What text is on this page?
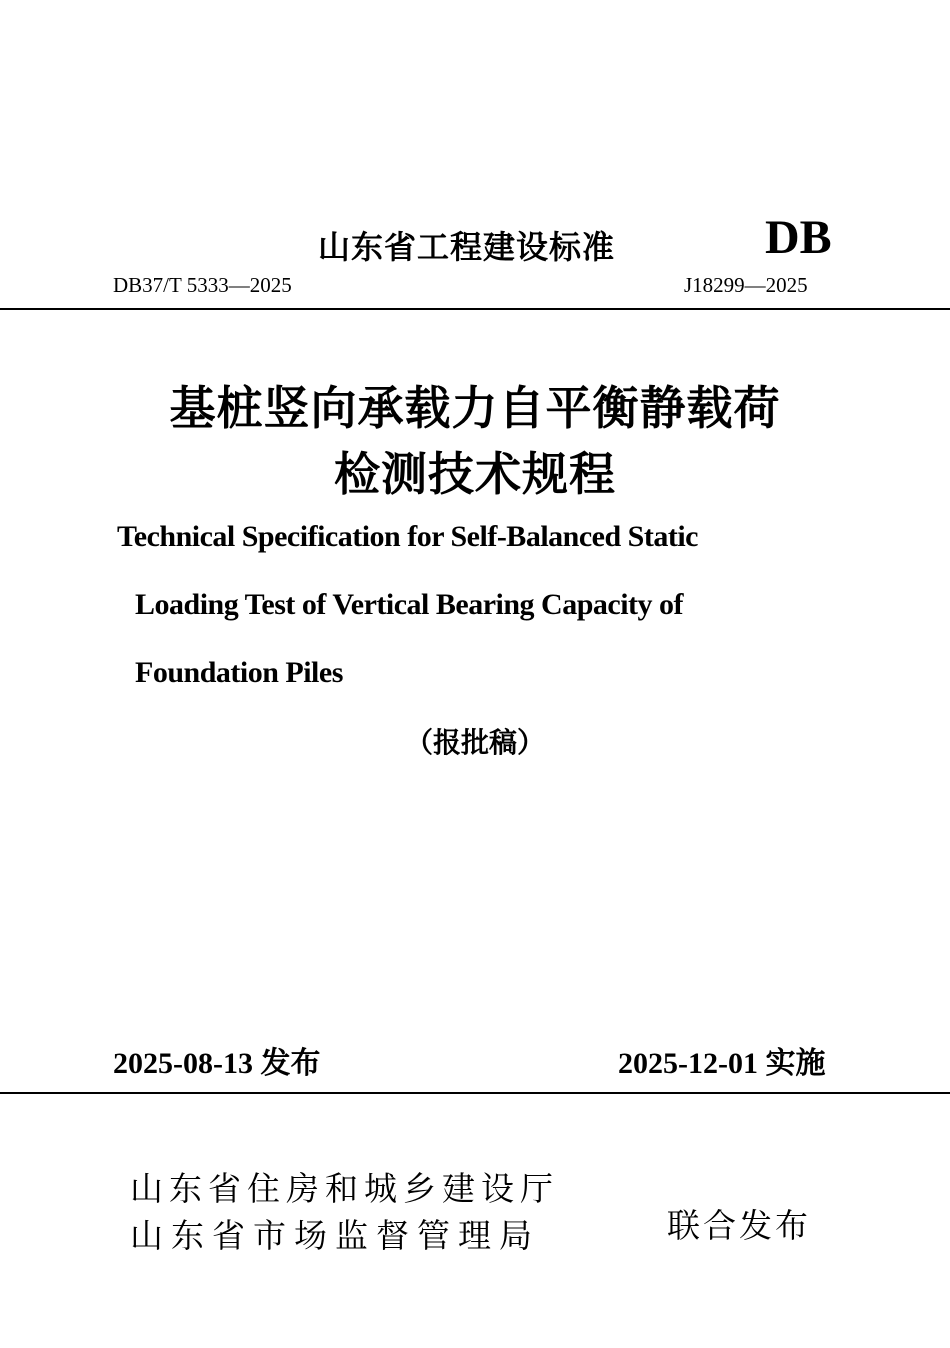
山东省工程建设标准	DB
DB37/T 5333—2025	J18299—2025
基桩竖向承载力自平衡静载荷
检测技术规程
Technical Specification for Self-Balanced Static
Loading Test of Vertical Bearing Capacity of
Foundation Piles
（报批稿）
2025-08-13 发布	2025-12-01 实施
山东省住房和城乡建设厅
山东省市场监督管理局	联合发布
